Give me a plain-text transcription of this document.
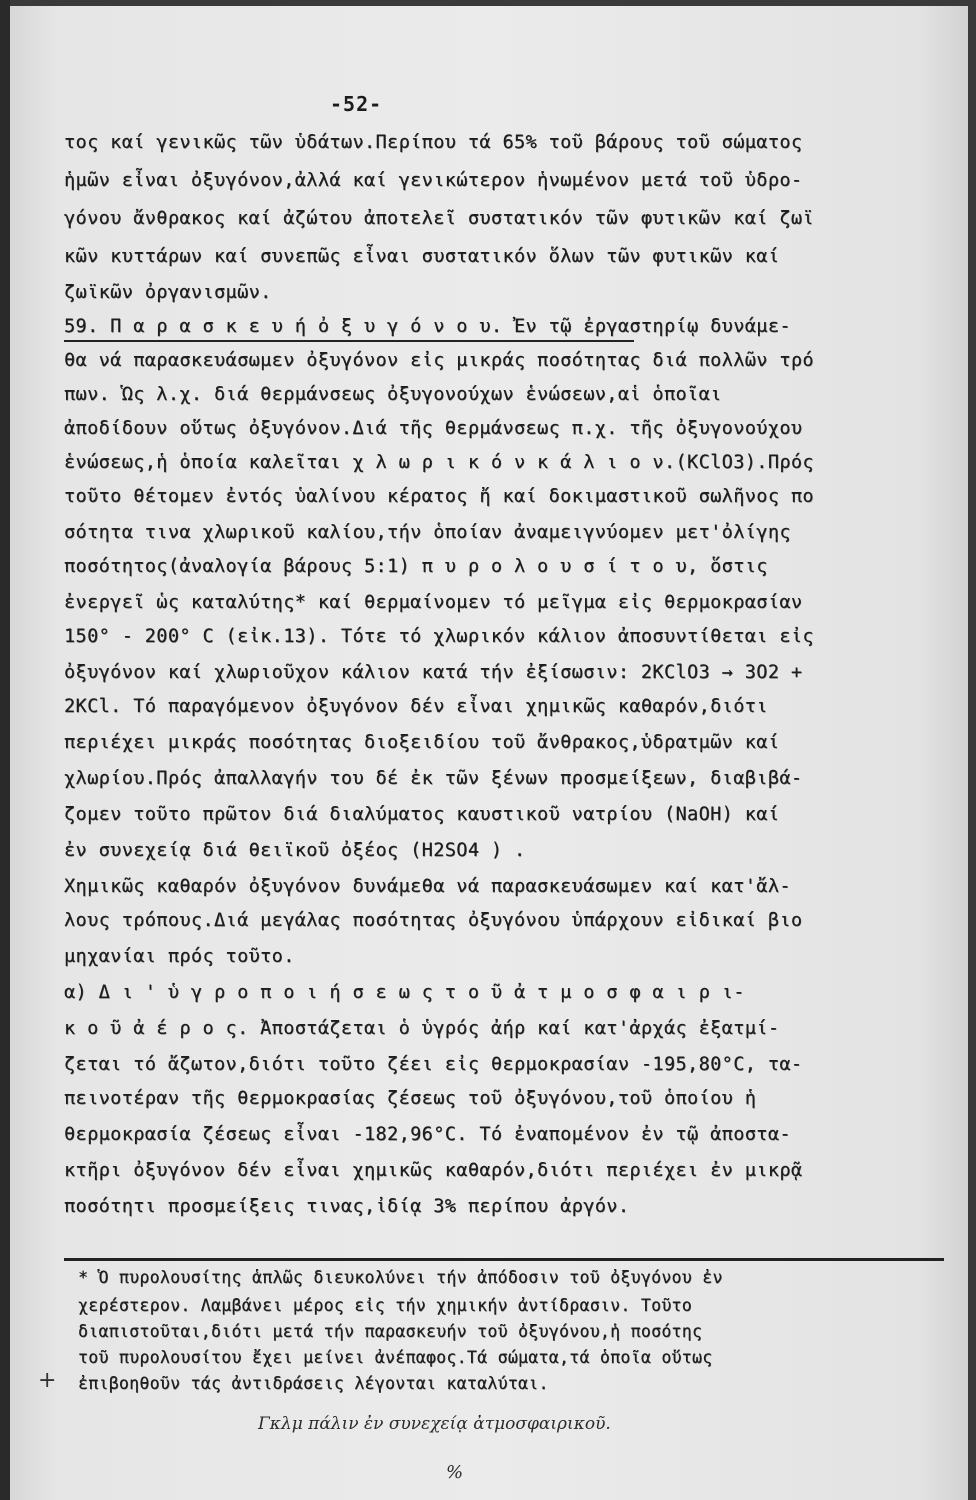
-52-
τος καί γενικῶς τῶν ὑδάτων.Περίπου τά 65% τοῦ βάρους τοῦ σώματος
ἡμῶν εἶναι ὀξυγόνον,ἀλλά καί γενικώτερον ἡνωμένον μετά τοῦ ὑδρο-
γόνου ἄνθρακος καί ἀζώτου ἀποτελεῖ συστατικόν τῶν φυτικῶν καί ζωϊ
κῶν κυττάρων καί συνεπῶς εἶναι συστατικόν ὅλων τῶν φυτικῶν καί
ζωϊκῶν ὀργανισμῶν.
59. Π α ρ α σ κ ε υ ή ὀ ξ υ γ ό ν ο υ. Ἐν τῷ ἐργαστηρίῳ δυνάμε-
θα νά παρασκευάσωμεν ὀξυγόνον εἰς μικράς ποσότητας διά πολλῶν τρό
πων. Ὡς λ.χ. διά θερμάνσεως ὀξυγονούχων ἑνώσεων,αἱ ὁποῖαι
ἀποδίδουν οὕτως ὀξυγόνον.Διά τῆς θερμάνσεως π.χ. τῆς ὀξυγονούχου
ἑνώσεως,ἡ ὁποία καλεῖται χ λ ω ρ ι κ ό ν κ ά λ ι ο ν.(KClO3).Πρός
τοῦτο θέτομεν ἐντός ὑαλίνου κέρατος ἤ καί δοκιμαστικοῦ σωλῆνος πο
σότητα τινα χλωρικοῦ καλίου,τήν ὁποίαν ἀναμειγνύομεν μετ'ὀλίγης
ποσότητος(ἀναλογία βάρους 5:1) π υ ρ ο λ ο υ σ ί τ ο υ, ὅστις
ἐνεργεῖ ὡς καταλύτης* καί θερμαίνομεν τό μεῖγμα εἰς θερμοκρασίαν
150° - 200° C (εἰκ.13). Τότε τό χλωρικόν κάλιον ἀποσυντίθεται εἰς
ὀξυγόνον καί χλωριοῦχον κάλιον κατά τήν ἐξίσωσιν: 2KClO3 → 3O2 +
2KCl. Τό παραγόμενον ὀξυγόνον δέν εἶναι χημικῶς καθαρόν,διότι
περιέχει μικράς ποσότητας διοξειδίου τοῦ ἄνθρακος,ὑδρατμῶν καί
χλωρίου.Πρός ἀπαλλαγήν του δέ ἐκ τῶν ξένων προσμείξεων, διαβιβά-
ζομεν τοῦτο πρῶτον διά διαλύματος καυστικοῦ νατρίου (NaOH) καί
ἐν συνεχείᾳ διά θειϊκοῦ ὀξέος (H2SO4 ) .
Χημικῶς καθαρόν ὀξυγόνον δυνάμεθα νά παρασκευάσωμεν καί κατ'ἄλ-
λους τρόπους.Διά μεγάλας ποσότητας ὀξυγόνου ὑπάρχουν εἰδικαί βιο
μηχανίαι πρός τοῦτο.
α) Δ ι ' ὑ γ ρ ο π ο ι ή σ ε ω ς τ ο ῦ ἀ τ μ ο σ φ α ι ρ ι-
κ ο ῦ ἀ έ ρ ο ς. Ἀποστάζεται ὁ ὑγρός ἀήρ καί κατ'ἀρχάς ἐξατμί-
ζεται τό ἄζωτον,διότι τοῦτο ζέει εἰς θερμοκρασίαν -195,80°C, τα-
πεινοτέραν τῆς θερμοκρασίας ζέσεως τοῦ ὀξυγόνου,τοῦ ὁποίου ἡ
θερμοκρασία ζέσεως εἶναι -182,96°C. Τό ἐναπομένον ἐν τῷ ἀποστα-
κτῆρι ὀξυγόνον δέν εἶναι χημικῶς καθαρόν,διότι περιέχει ἐν μικρᾷ
ποσότητι προσμείξεις τινας,ἰδίᾳ 3% περίπου ἀργόν.
* Ὁ πυρολουσίτης ἁπλῶς διευκολύνει τήν ἀπόδοσιν τοῦ ὀξυγόνου ἐν
χερέστερον. Λαμβάνει μέρος εἰς τήν χημικήν ἀντίδρασιν. Τοῦτο
διαπιστοῦται,διότι μετά τήν παρασκευήν τοῦ ὀξυγόνου,ἡ ποσότης
τοῦ πυρολουσίτου ἔχει μείνει ἀνέπαφος.Τά σώματα,τά ὁποῖα οὕτως
ἐπιβοηθοῦν τάς ἀντιδράσεις λέγονται καταλύται.
+
Γκλμ πάλιν ἐν συνεχείᾳ ἀτμοσφαιρικοῦ.
%
